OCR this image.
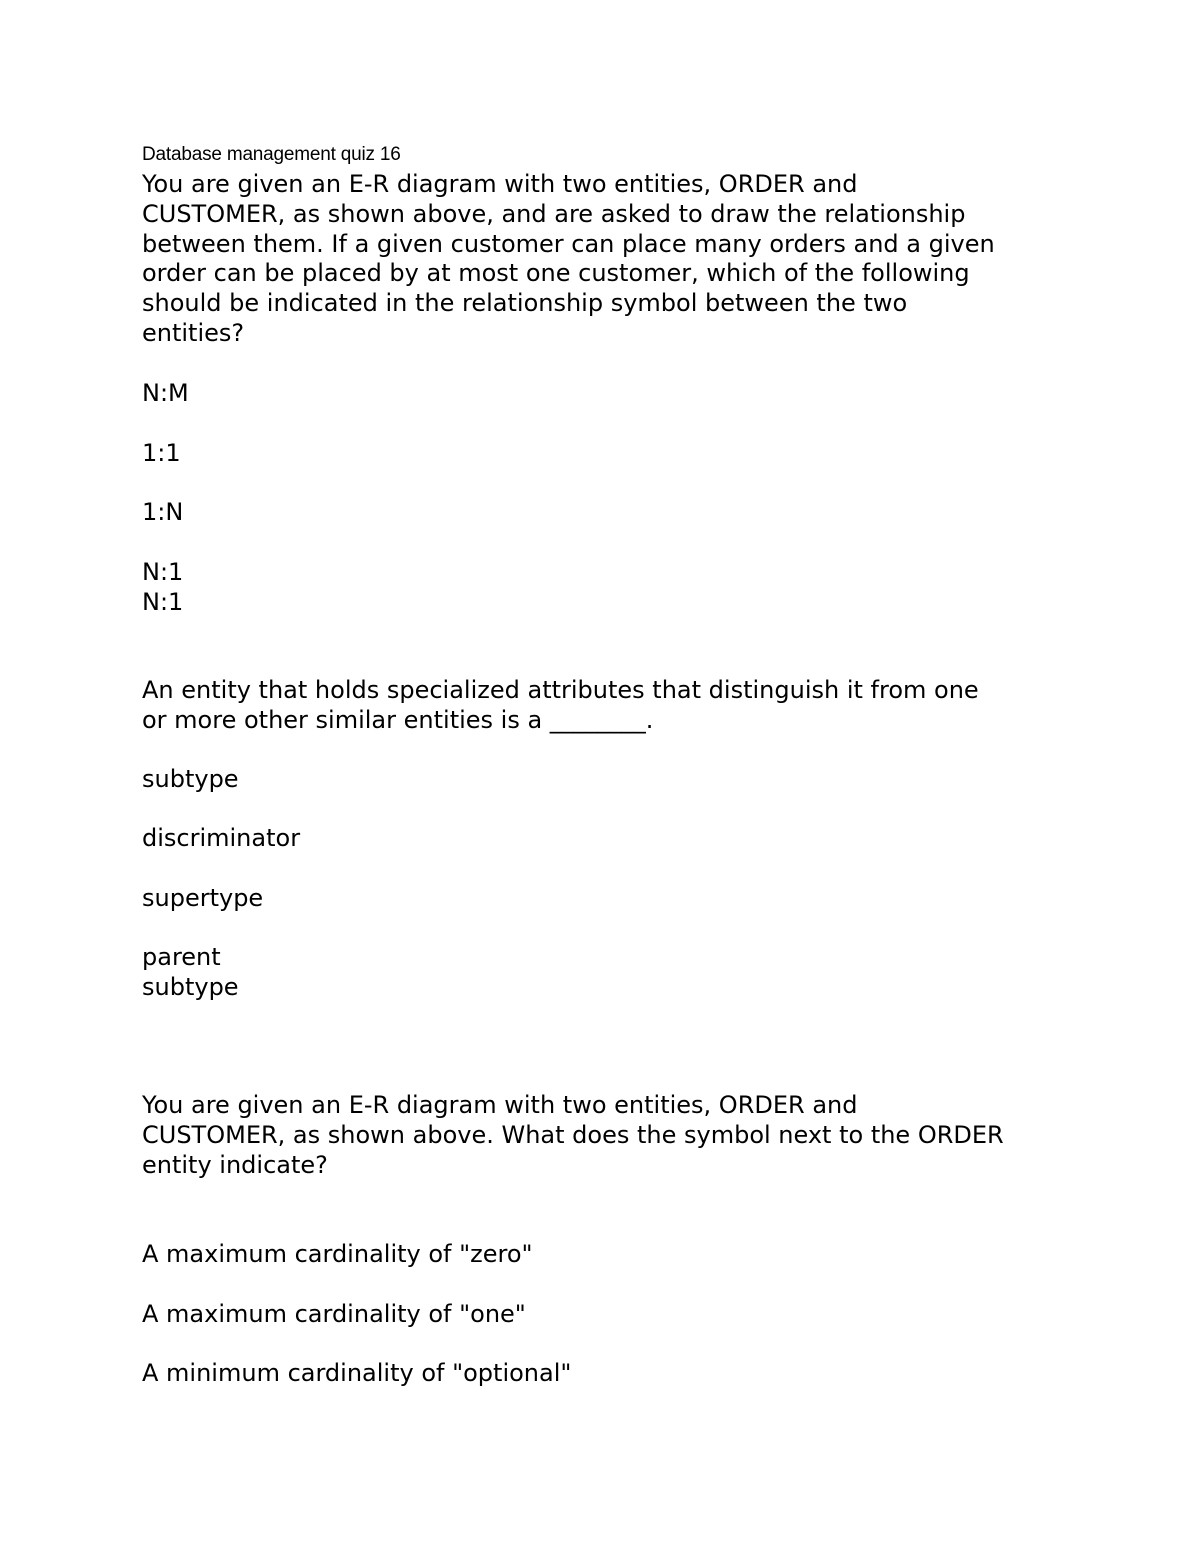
Database management quiz 16
You are given an E-R diagram with two entities, ORDER and
CUSTOMER, as shown above, and are asked to draw the relationship
between them. If a given customer can place many orders and a given
order can be placed by at most one customer, which of the following
should be indicated in the relationship symbol between the two
entities?
N:M
1:1
1:N
N:1
N:1
An entity that holds specialized attributes that distinguish it from one
or more other similar entities is a ________.
subtype
discriminator
supertype
parent
subtype
You are given an E-R diagram with two entities, ORDER and
CUSTOMER, as shown above. What does the symbol next to the ORDER
entity indicate?
A maximum cardinality of "zero"
A maximum cardinality of "one"
A minimum cardinality of "optional"
